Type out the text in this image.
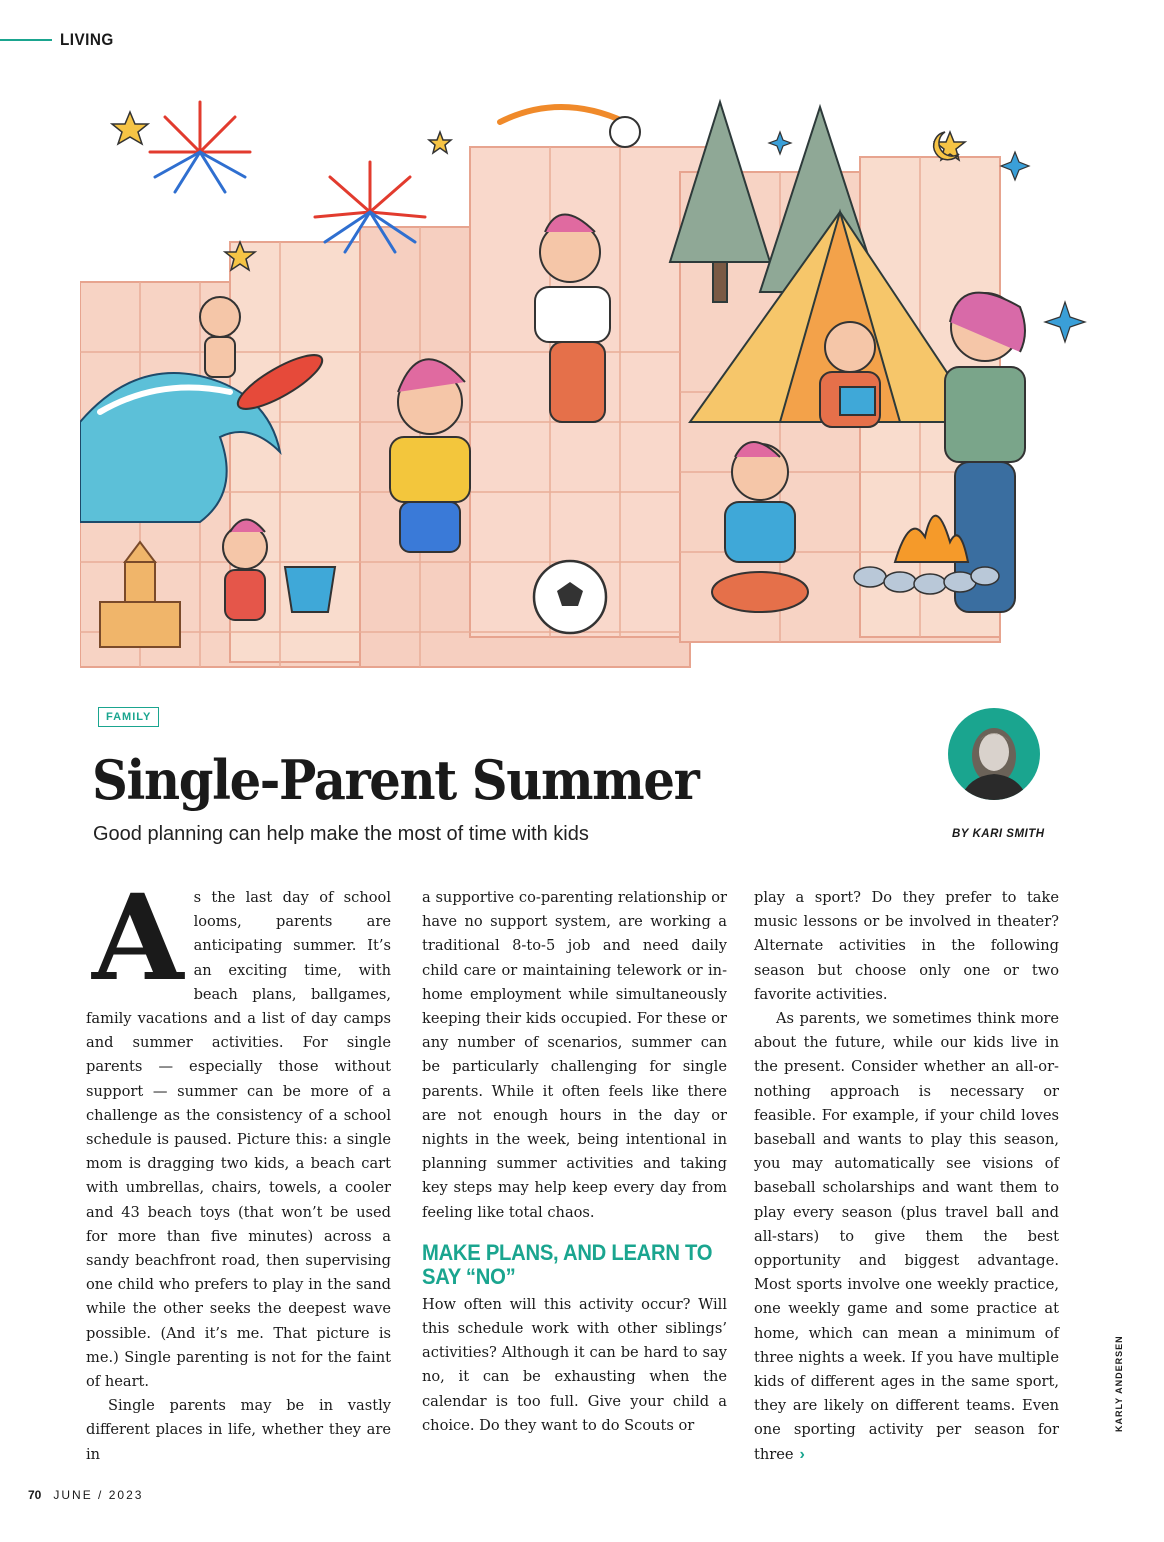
LIVING
FAMILY
Single-Parent Summer
Good planning can help make the most of time with kids	BY KARI SMITH

As the last day of school looms, parents are anticipating summer. It’s an exciting time, with beach plans, ballgames, family vacations and a list of day camps and summer activities. For single parents — especially those without support — summer can be more of a challenge as the consistency of a school schedule is paused. Picture this: a single mom is dragging two kids, a beach cart with umbrellas, chairs, towels, a cooler and 43 beach toys (that won’t be used for more than five minutes) across a sandy beachfront road, then supervising one child who prefers to play in the sand while the other seeks the deepest wave possible. (And it’s me. That picture is me.) Single parenting is not for the faint of heart.

Single parents may be in vastly different places in life, whether they are in

a supportive co-parenting relationship or have no support system, are working a traditional 8-to-5 job and need daily child care or maintaining telework or in-home employment while simultaneously keeping their kids occupied. For these or any number of scenarios, summer can be particularly challenging for single parents. While it often feels like there are not enough hours in the day or nights in the week, being intentional in planning summer activities and taking key steps may help keep every day from feeling like total chaos.

MAKE PLANS, AND LEARN TO SAY “NO”

How often will this activity occur? Will this schedule work with other siblings’ activities? Although it can be hard to say no, it can be exhausting when the calendar is too full. Give your child a choice. Do they want to do Scouts or

play a sport? Do they prefer to take music lessons or be involved in theater? Alternate activities in the following season but choose only one or two favorite activities.

As parents, we sometimes think more about the future, while our kids live in the present. Consider whether an all-or-nothing approach is necessary or feasible. For example, if your child loves baseball and wants to play this season, you may automatically see visions of baseball scholarships and want them to play every season (plus travel ball and all-stars) to give them the best opportunity and biggest advantage. Most sports involve one weekly practice, one weekly game and some practice at home, which can mean a minimum of three nights a week. If you have multiple kids of different ages in the same sport, they are likely on different teams. Even one sporting activity per season for three ›

KARLY ANDERSEN
70 JUNE / 2023
